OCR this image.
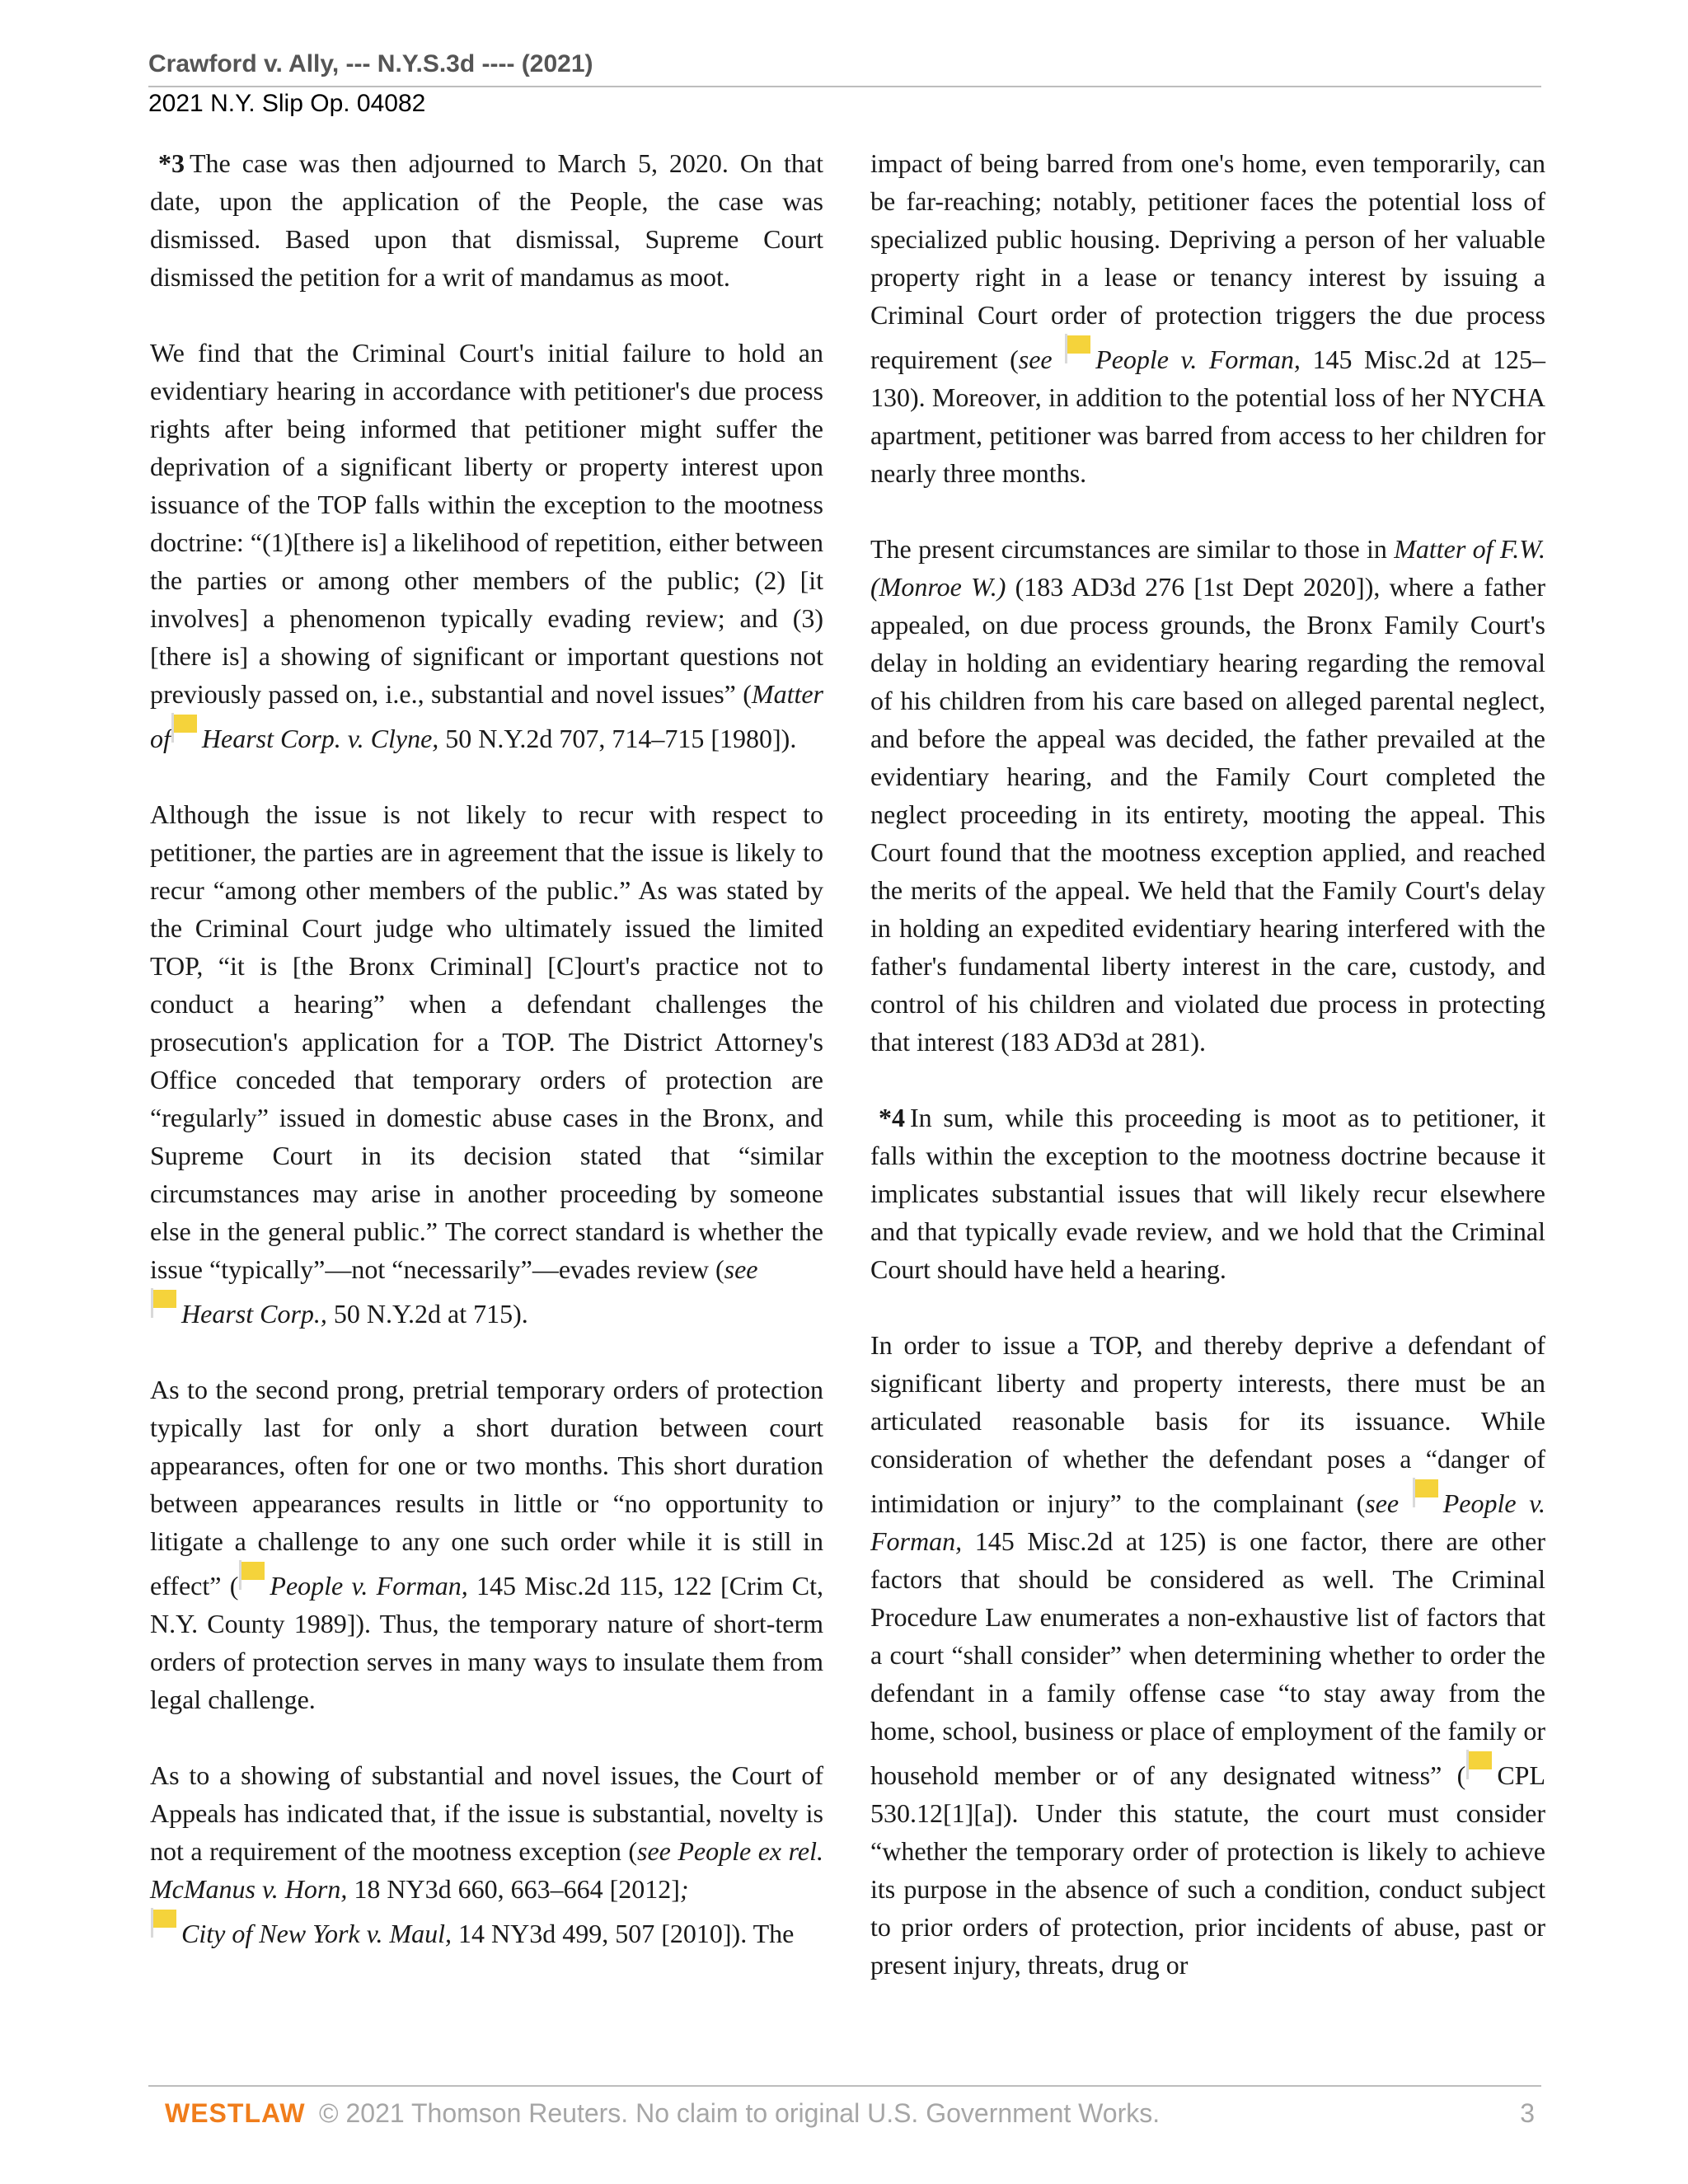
Crawford v. Ally, --- N.Y.S.3d ---- (2021)
2021 N.Y. Slip Op. 04082

*3 The case was then adjourned to March 5, 2020. On that date, upon the application of the People, the case was dismissed. Based upon that dismissal, Supreme Court dismissed the petition for a writ of mandamus as moot.

We find that the Criminal Court's initial failure to hold an evidentiary hearing in accordance with petitioner's due process rights after being informed that petitioner might suffer the deprivation of a significant liberty or property interest upon issuance of the TOP falls within the exception to the mootness doctrine: “(1)[there is] a likelihood of repetition, either between the parties or among other members of the public; (2) [it involves] a phenomenon typically evading review; and (3) [there is] a showing of significant or important questions not previously passed on, i.e., substantial and novel issues” (Matter of Hearst Corp. v. Clyne, 50 N.Y.2d 707, 714–715 [1980]).

Although the issue is not likely to recur with respect to petitioner, the parties are in agreement that the issue is likely to recur “among other members of the public.” As was stated by the Criminal Court judge who ultimately issued the limited TOP, “it is [the Bronx Criminal] [C]ourt's practice not to conduct a hearing” when a defendant challenges the prosecution's application for a TOP. The District Attorney's Office conceded that temporary orders of protection are “regularly” issued in domestic abuse cases in the Bronx, and Supreme Court in its decision stated that “similar circumstances may arise in another proceeding by someone else in the general public.” The correct standard is whether the issue “typically”—not “necessarily”—evades review (see

Hearst Corp., 50 N.Y.2d at 715).

As to the second prong, pretrial temporary orders of protection typically last for only a short duration between court appearances, often for one or two months. This short duration between appearances results in little or “no opportunity to litigate a challenge to any one such order while it is still in effect” ( People v. Forman, 145 Misc.2d 115, 122 [Crim Ct, N.Y. County 1989]). Thus, the temporary nature of short-term orders of protection serves in many ways to insulate them from legal challenge.

As to a showing of substantial and novel issues, the Court of Appeals has indicated that, if the issue is substantial, novelty is not a requirement of the mootness exception (see People ex rel. McManus v. Horn, 18 NY3d 660, 663–664 [2012];

City of New York v. Maul, 14 NY3d 499, 507 [2010]). The

impact of being barred from one's home, even temporarily, can be far-reaching; notably, petitioner faces the potential loss of specialized public housing. Depriving a person of her valuable property right in a lease or tenancy interest by issuing a Criminal Court order of protection triggers the due process requirement (see People v. Forman, 145 Misc.2d at 125–130). Moreover, in addition to the potential loss of her NYCHA apartment, petitioner was barred from access to her children for nearly three months.

The present circumstances are similar to those in Matter of F.W. (Monroe W.) (183 AD3d 276 [1st Dept 2020]), where a father appealed, on due process grounds, the Bronx Family Court's delay in holding an evidentiary hearing regarding the removal of his children from his care based on alleged parental neglect, and before the appeal was decided, the father prevailed at the evidentiary hearing, and the Family Court completed the neglect proceeding in its entirety, mooting the appeal. This Court found that the mootness exception applied, and reached the merits of the appeal. We held that the Family Court's delay in holding an expedited evidentiary hearing interfered with the father's fundamental liberty interest in the care, custody, and control of his children and violated due process in protecting that interest (183 AD3d at 281).

*4 In sum, while this proceeding is moot as to petitioner, it falls within the exception to the mootness doctrine because it implicates substantial issues that will likely recur elsewhere and that typically evade review, and we hold that the Criminal Court should have held a hearing.

In order to issue a TOP, and thereby deprive a defendant of significant liberty and property interests, there must be an articulated reasonable basis for its issuance. While consideration of whether the defendant poses a “danger of intimidation or injury” to the complainant (see People v. Forman, 145 Misc.2d at 125) is one factor, there are other factors that should be considered as well. The Criminal Procedure Law enumerates a non-exhaustive list of factors that a court “shall consider” when determining whether to order the defendant in a family offense case “to stay away from the home, school, business or place of employment of the family or household member or of any designated witness” ( CPL 530.12[1][a]). Under this statute, the court must consider “whether the temporary order of protection is likely to achieve its purpose in the absence of such a condition, conduct subject to prior orders of protection, prior incidents of abuse, past or present injury, threats, drug or

WESTLAW © 2021 Thomson Reuters. No claim to original U.S. Government Works.	3
